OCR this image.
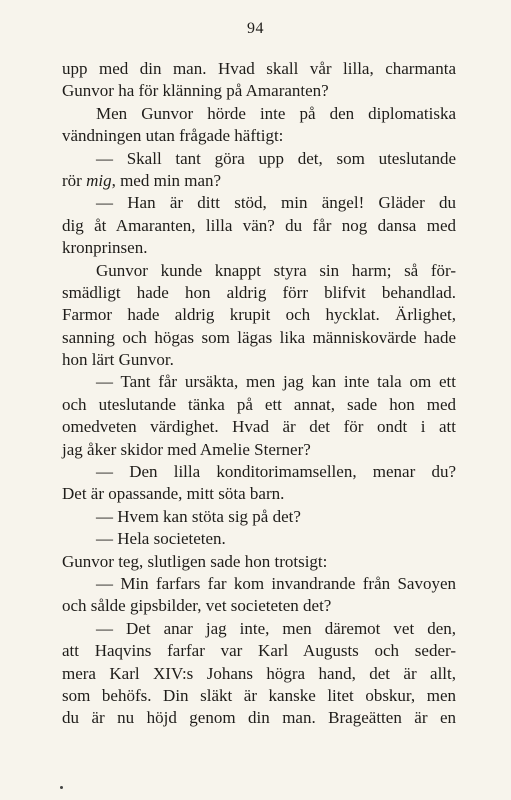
94
upp med din man. Hvad skall vår lilla, charmanta
Gunvor ha för klänning på Amaranten?
Men Gunvor hörde inte på den diplomatiska
vändningen utan frågade häftigt:
— Skall tant göra upp det, som uteslutande
rör mig, med min man?
— Han är ditt stöd, min ängel! Gläder du
dig åt Amaranten, lilla vän? du får nog dansa med
kronprinsen.
Gunvor kunde knappt styra sin harm; så för-
smädligt hade hon aldrig förr blifvit behandlad.
Farmor hade aldrig krupit och hycklat. Ärlighet,
sanning och högas som lägas lika människovärde hade
hon lärt Gunvor.
— Tant får ursäkta, men jag kan inte tala om ett
och uteslutande tänka på ett annat, sade hon med
omedveten värdighet. Hvad är det för ondt i att
jag åker skidor med Amelie Sterner?
— Den lilla konditorimamsellen, menar du?
Det är opassande, mitt söta barn.
— Hvem kan stöta sig på det?
— Hela societeten.
Gunvor teg, slutligen sade hon trotsigt:
— Min farfars far kom invandrande från Savoyen
och sålde gipsbilder, vet societeten det?
— Det anar jag inte, men däremot vet den,
att Haqvins farfar var Karl Augusts och seder-
mera Karl XIV:s Johans högra hand, det är allt,
som behöfs. Din släkt är kanske litet obskur, men
du är nu höjd genom din man. Brageätten är en
